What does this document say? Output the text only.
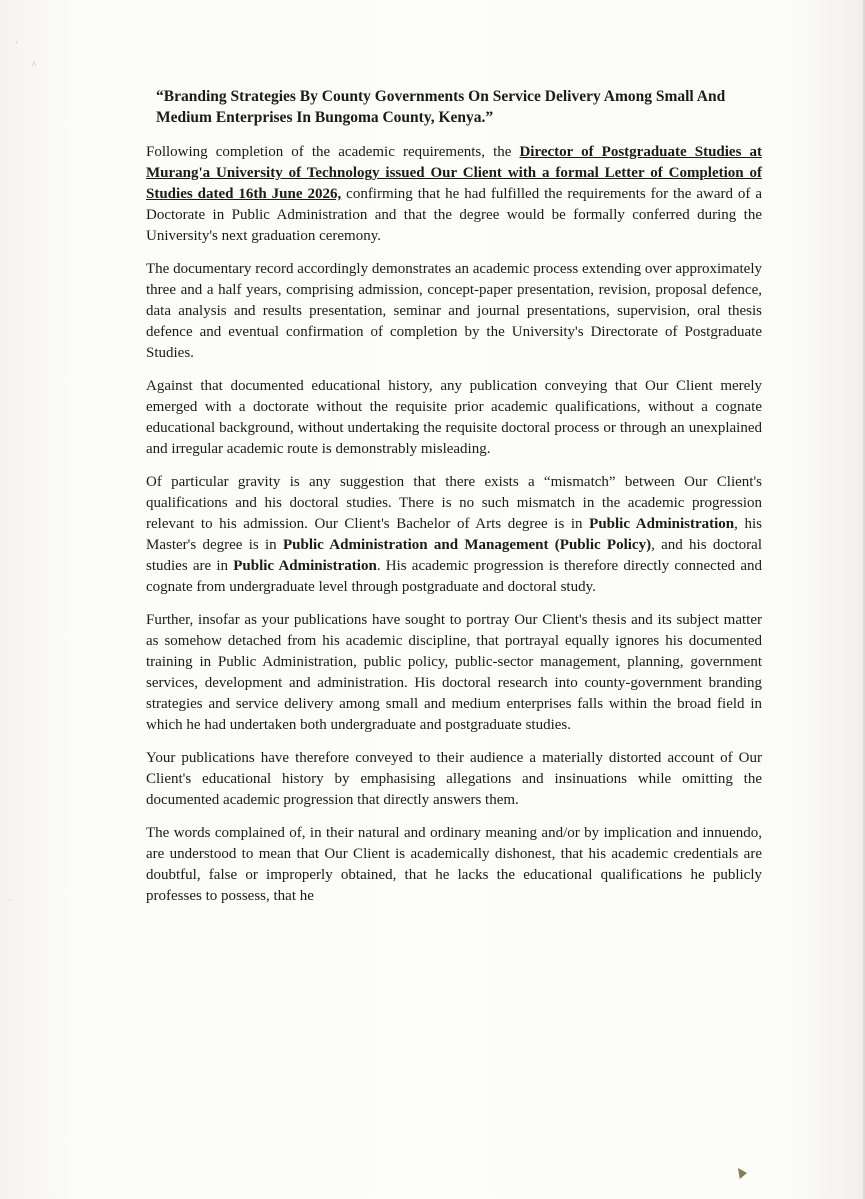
'
^
·

“Branding Strategies By County Governments On Service Delivery Among Small And Medium Enterprises In Bungoma County, Kenya.”

Following completion of the academic requirements, the Director of Postgraduate Studies at Murang'a University of Technology issued Our Client with a formal Letter of Completion of Studies dated 16th June 2026, confirming that he had fulfilled the requirements for the award of a Doctorate in Public Administration and that the degree would be formally conferred during the University's next graduation ceremony.

The documentary record accordingly demonstrates an academic process extending over approximately three and a half years, comprising admission, concept-paper presentation, revision, proposal defence, data analysis and results presentation, seminar and journal presentations, supervision, oral thesis defence and eventual confirmation of completion by the University's Directorate of Postgraduate Studies.

Against that documented educational history, any publication conveying that Our Client merely emerged with a doctorate without the requisite prior academic qualifications, without a cognate educational background, without undertaking the requisite doctoral process or through an unexplained and irregular academic route is demonstrably misleading.

Of particular gravity is any suggestion that there exists a “mismatch” between Our Client's qualifications and his doctoral studies. There is no such mismatch in the academic progression relevant to his admission. Our Client's Bachelor of Arts degree is in Public Administration, his Master's degree is in Public Administration and Management (Public Policy), and his doctoral studies are in Public Administration. His academic progression is therefore directly connected and cognate from undergraduate level through postgraduate and doctoral study.

Further, insofar as your publications have sought to portray Our Client's thesis and its subject matter as somehow detached from his academic discipline, that portrayal equally ignores his documented training in Public Administration, public policy, public-sector management, planning, government services, development and administration. His doctoral research into county-government branding strategies and service delivery among small and medium enterprises falls within the broad field in which he had undertaken both undergraduate and postgraduate studies.

Your publications have therefore conveyed to their audience a materially distorted account of Our Client's educational history by emphasising allegations and insinuations while omitting the documented academic progression that directly answers them.

The words complained of, in their natural and ordinary meaning and/or by implication and innuendo, are understood to mean that Our Client is academically dishonest, that his academic credentials are doubtful, false or improperly obtained, that he lacks the educational qualifications he publicly professes to possess, that he
